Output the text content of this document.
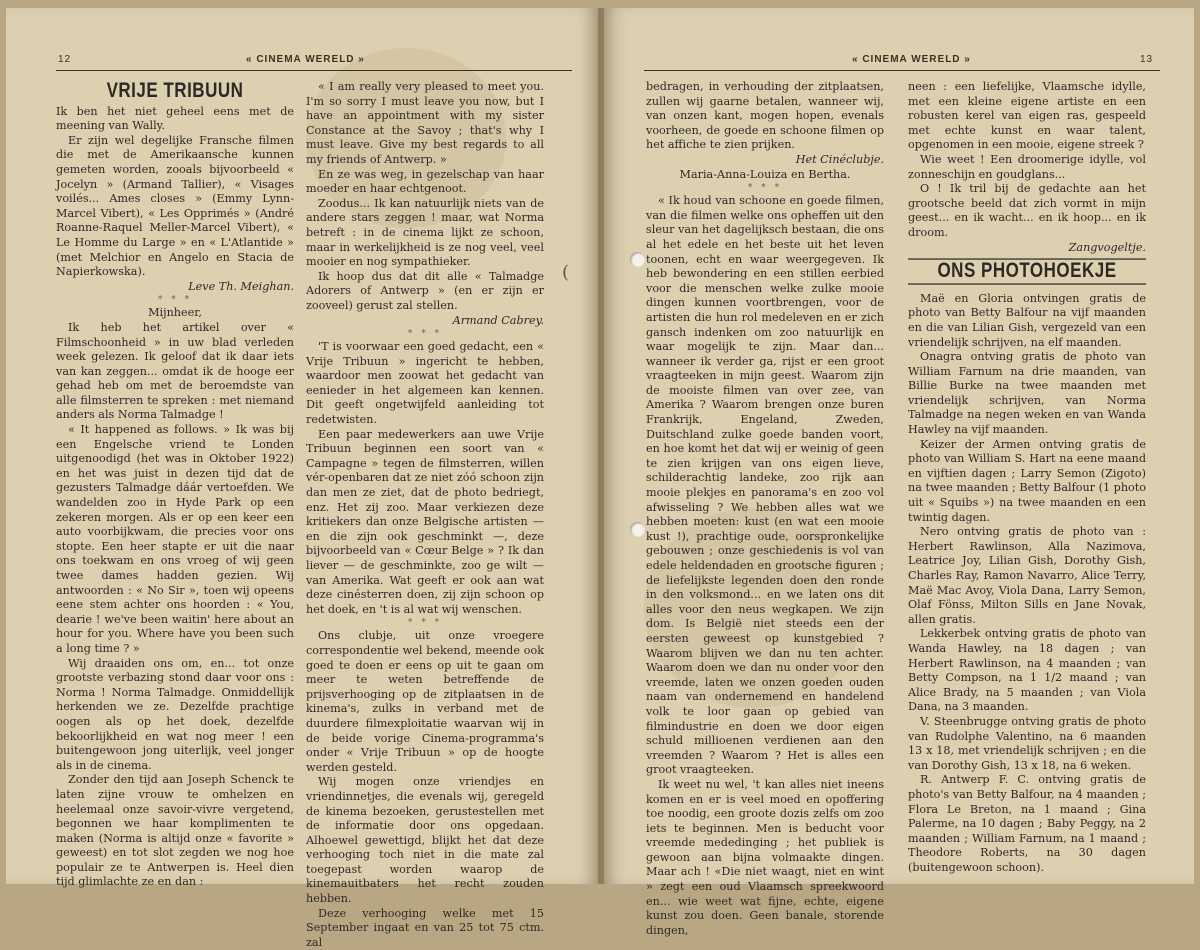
12	« CINEMA WERELD »
VRIJE TRIBUUN

Ik ben het niet geheel eens met de meening van Wally.

Er zijn wel degelijke Fransche filmen die met de Amerikaansche kunnen gemeten worden, zooals bijvoorbeeld « Jocelyn » (Armand Tallier), « Visages voilés... Ames closes » (Emmy Lynn-Marcel Vibert), « Les Opprimés » (André Roanne-Raquel Meller-Marcel Vibert), « Le Homme du Large » en « L'Atlantide » (met Melchior en Angelo en Stacia de Napierkowska).

Leve Th. Meighan.

* * *

Mijnheer,

Ik heb het artikel over « Filmschoonheid » in uw blad verleden week gelezen. Ik geloof dat ik daar iets van kan zeggen... omdat ik de hooge eer gehad heb om met de beroemdste van alle filmsterren te spreken : met niemand anders als Norma Talmadge !

« It happened as follows. » Ik was bij een Engelsche vriend te Londen uitgenoodigd (het was in Oktober 1922) en het was juist in dezen tijd dat de gezusters Talmadge dáár vertoefden. We wandelden zoo in Hyde Park op een zekeren morgen. Als er op een keer een auto voorbijkwam, die precies voor ons stopte. Een heer stapte er uit die naar ons toekwam en ons vroeg of wij geen twee dames hadden gezien. Wij antwoorden : « No Sir », toen wij opeens eene stem achter ons hoorden : « You, dearie ! we've been waitin' here about an hour for you. Where have you been such a long time ? »

Wij draaiden ons om, en... tot onze grootste verbazing stond daar voor ons : Norma ! Norma Talmadge. Onmiddellijk herkenden we ze. Dezelfde prachtige oogen als op het doek, dezelfde bekoorlijkheid en wat nog meer ! een buitengewoon jong uiterlijk, veel jonger als in de cinema.

Zonder den tijd aan Joseph Schenck te laten zijne vrouw te omhelzen en heelemaal onze savoir-vivre vergetend, begonnen we haar komplimenten te maken (Norma is altijd onze « favorite » geweest) en tot slot zegden we nog hoe populair ze te Antwerpen is. Heel dien tijd glimlachte ze en dan :

« I am really very pleased to meet you. I'm so sorry I must leave you now, but I have an appointment with my sister Constance at the Savoy ; that's why I must leave. Give my best regards to all my friends of Antwerp. »

En ze was weg, in gezelschap van haar moeder en haar echtgenoot.

Zoodus... Ik kan natuurlijk niets van de andere stars zeggen ! maar, wat Norma betreft : in de cinema lijkt ze schoon, maar in werkelijkheid is ze nog veel, veel mooier en nog sympathieker.

Ik hoop dus dat dit alle « Talmadge Adorers of Antwerp » (en er zijn er zooveel) gerust zal stellen.

Armand Cabrey.

* * *

'T is voorwaar een goed gedacht, een « Vrije Tribuun » ingericht te hebben, waardoor men zoowat het gedacht van eenieder in het algemeen kan kennen. Dit geeft ongetwijfeld aanleiding tot redetwisten.

Een paar medewerkers aan uwe Vrije Tribuun beginnen een soort van « Campagne » tegen de filmsterren, willen vér-openbaren dat ze niet zóó schoon zijn dan men ze ziet, dat de photo bedriegt, enz. Het zij zoo. Maar verkiezen deze kritiekers dan onze Belgische artisten — en die zijn ook geschminkt —, deze bijvoorbeeld van « Cœur Belge » ? Ik dan liever — de geschminkte, zoo ge wilt — van Amerika. Wat geeft er ook aan wat deze cinésterren doen, zij zijn schoon op het doek, en 't is al wat wij wenschen.

* * *

Ons clubje, uit onze vroegere correspondentie wel bekend, meende ook goed te doen er eens op uit te gaan om meer te weten betreffende de prijsverhooging op de zitplaatsen in de kinema's, zulks in verband met de duurdere filmexploitatie waarvan wij in de beide vorige Cinema-programma's onder « Vrije Tribuun » op de hoogte werden gesteld.

Wij mogen onze vriendjes en vriendinnetjes, die evenals wij, geregeld de kinema bezoeken, gerustestellen met de informatie door ons opgedaan. Alhoewel gewettigd, blijkt het dat deze verhooging toch niet in die mate zal toegepast worden waarop de kinemauitbaters het recht zouden hebben.

Deze verhooging welke met 15 September ingaat en van 25 tot 75 ctm. zal

(
« CINEMA WERELD »	13

bedragen, in verhouding der zitplaatsen, zullen wij gaarne betalen, wanneer wij, van onzen kant, mogen hopen, evenals voorheen, de goede en schoone filmen op het affiche te zien prijken.

Het Cinéclubje.

Maria-Anna-Louiza en Bertha.

* * *

« Ik houd van schoone en goede filmen, van die filmen welke ons opheffen uit den sleur van het dagelijksch bestaan, die ons al het edele en het beste uit het leven toonen, echt en waar weergegeven. Ik heb bewondering en een stillen eerbied voor die menschen welke zulke mooie dingen kunnen voortbrengen, voor de artisten die hun rol medeleven en er zich gansch indenken om zoo natuurlijk en waar mogelijk te zijn. Maar dan... wanneer ik verder ga, rijst er een groot vraagteeken in mijn geest. Waarom zijn de mooiste filmen van over zee, van Amerika ? Waarom brengen onze buren Frankrijk, Engeland, Zweden, Duitschland zulke goede banden voort, en hoe komt het dat wij er weinig of geen te zien krijgen van ons eigen lieve, schilderachtig landeke, zoo rijk aan mooie plekjes en panorama's en zoo vol afwisseling ? We hebben alles wat we hebben moeten: kust (en wat een mooie kust !), prachtige oude, oorspronkelijke gebouwen ; onze geschiedenis is vol van edele heldendaden en grootsche figuren ; de liefelijkste legenden doen den ronde in den volksmond... en we laten ons dit alles voor den neus wegkapen. We zijn dom. Is België niet steeds een der eersten geweest op kunstgebied ? Waarom blijven we dan nu ten achter. Waarom doen we dan nu onder voor den vreemde, laten we onzen goeden ouden naam van ondernemend en handelend volk te loor gaan op gebied van filmindustrie en doen we door eigen schuld millioenen verdienen aan den vreemden ? Waarom ? Het is alles een groot vraagteeken.

Ik weet nu wel, 't kan alles niet ineens komen en er is veel moed en opoffering toe noodig, een groote dozis zelfs om zoo iets te beginnen. Men is beducht voor vreemde mededinging ; het publiek is gewoon aan bijna volmaakte dingen. Maar ach ! «Die niet waagt, niet en wint » zegt een oud Vlaamsch spreekwoord en... wie weet wat fijne, echte, eigene kunst zou doen. Geen banale, storende dingen,

neen : een liefelijke, Vlaamsche idylle, met een kleine eigene artiste en een robusten kerel van eigen ras, gespeeld met echte kunst en waar talent, opgenomen in een mooie, eigene streek ?

Wie weet ! Een droomerige idylle, vol zonneschijn en goudglans...

O ! Ik tril bij de gedachte aan het grootsche beeld dat zich vormt in mijn geest... en ik wacht... en ik hoop... en ik droom.

Zangvogeltje.

ONS PHOTOHOEKJE

Maë en Gloria ontvingen gratis de photo van Betty Balfour na vijf maanden en die van Lilian Gish, vergezeld van een vriendelijk schrijven, na elf maanden.

Onagra ontving gratis de photo van William Farnum na drie maanden, van Billie Burke na twee maanden met vriendelijk schrijven, van Norma Talmadge na negen weken en van Wanda Hawley na vijf maanden.

Keizer der Armen ontving gratis de photo van William S. Hart na eene maand en vijftien dagen ; Larry Semon (Zigoto) na twee maanden ; Betty Balfour (1 photo uit « Squibs ») na twee maanden en een twintig dagen.

Nero ontving gratis de photo van : Herbert Rawlinson, Alla Nazimova, Leatrice Joy, Lilian Gish, Dorothy Gish, Charles Ray, Ramon Navarro, Alice Terry, Maë Mac Avoy, Viola Dana, Larry Semon, Olaf Fönss, Milton Sills en Jane Novak, allen gratis.

Lekkerbek ontving gratis de photo van Wanda Hawley, na 18 dagen ; van Herbert Rawlinson, na 4 maanden ; van Betty Compson, na 1 1/2 maand ; van Alice Brady, na 5 maanden ; van Viola Dana, na 3 maanden.

V. Steenbrugge ontving gratis de photo van Rudolphe Valentino, na 6 maanden 13 x 18, met vriendelijk schrijven ; en die van Dorothy Gish, 13 x 18, na 6 weken.

R. Antwerp F. C. ontving gratis de photo's van Betty Balfour, na 4 maanden ; Flora Le Breton, na 1 maand ; Gina Palerme, na 10 dagen ; Baby Peggy, na 2 maanden ; William Farnum, na 1 maand ; Theodore Roberts, na 30 dagen (buitengewoon schoon).
